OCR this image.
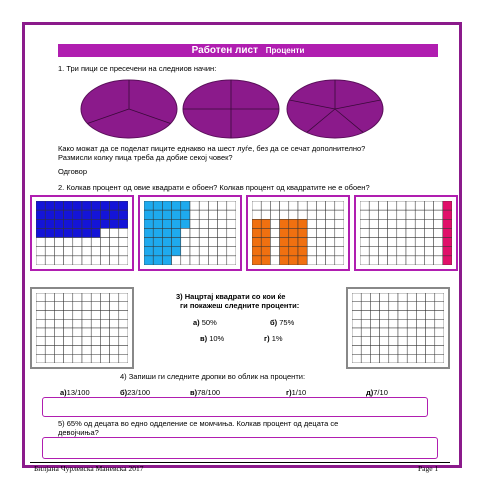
Работен лист Проценти
1. Три пици се пресечени на следниов начин:
Како можат да се поделат пиците еднакво на шест луѓе, без да се сечат дополнително?
Размисли колку пица треба да добие секој човек?
Одговор
2. Колкав процент од овие квадрати е обоен? Колкав процент од квадратите не е обоен?
3) Нацртај квадрати со кои ќе
ги покажеш следните проценти:
а) 50%	б) 75%
в) 10%	г) 1%
4) Запиши ги следните дропки во облик на проценти:
а)13/100	б)23/100	в)78/100	г)1/10	д)7/10
5) 65% од децата во едно одделение се момчиња. Колкав процент од децата се
девојчиња?
Билјана Чурлевска Маневска 2017	Page 1
